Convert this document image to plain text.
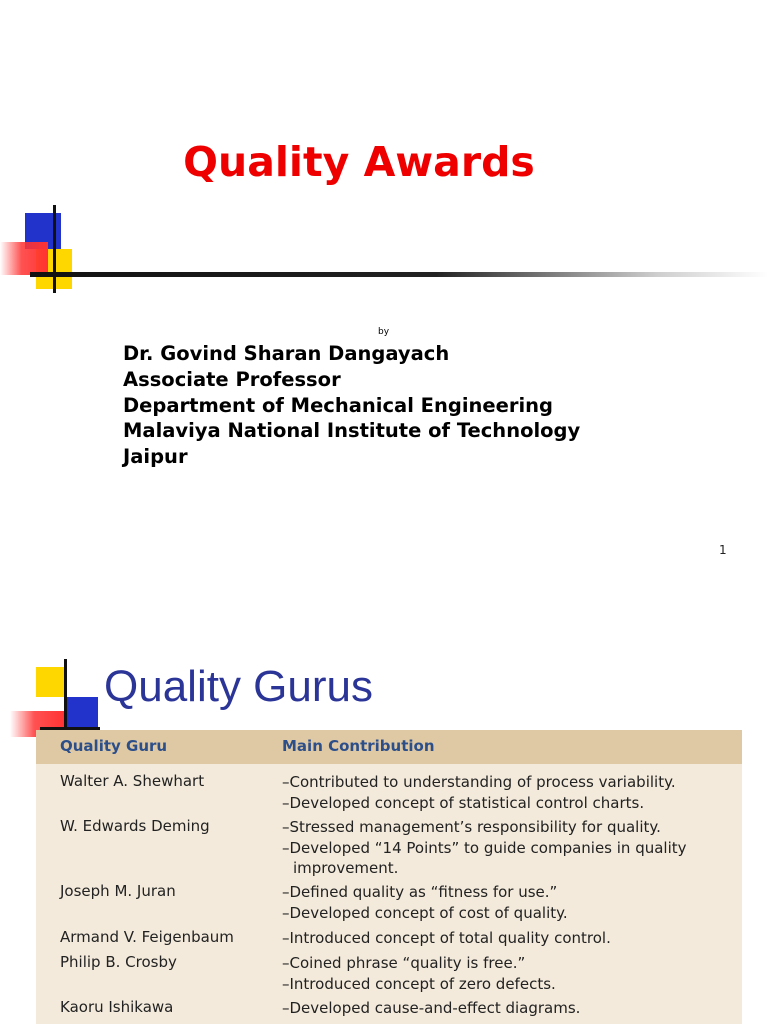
Quality Awards
by
Dr. Govind Sharan Dangayach
Associate Professor
Department of Mechanical Engineering
Malaviya National Institute of Technology
Jaipur
1
Quality Gurus
Quality Guru	Main Contribution
Walter A. Shewhart	–Contributed to understanding of process variability.
–Developed concept of statistical control charts.
W. Edwards Deming	–Stressed management’s responsibility for quality.
–Developed “14 Points” to guide companies in quality improvement.
Joseph M. Juran	–Defined quality as “fitness for use.”
–Developed concept of cost of quality.
Armand V. Feigenbaum	–Introduced concept of total quality control.
Philip B. Crosby	–Coined phrase “quality is free.”
–Introduced concept of zero defects.
Kaoru Ishikawa	–Developed cause-and-effect diagrams.
